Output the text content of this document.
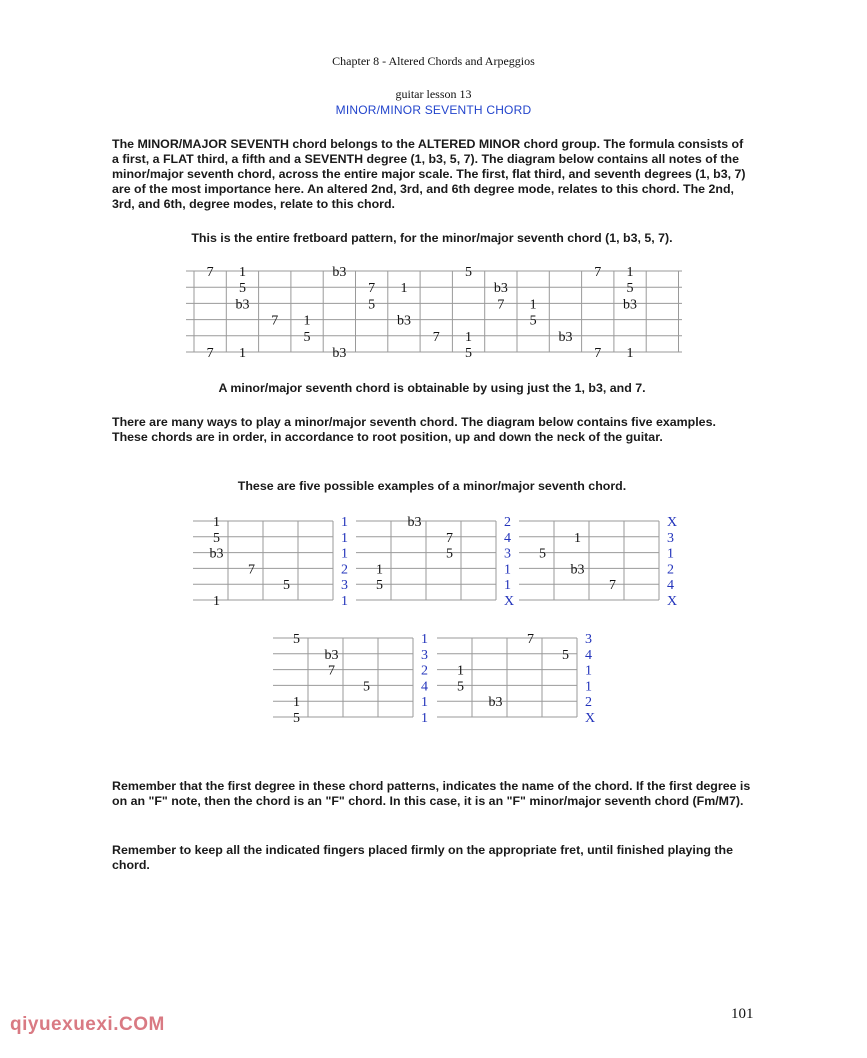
Chapter 8 - Altered Chords and Arpeggios
guitar lesson 13
MINOR/MINOR SEVENTH CHORD
The MINOR/MAJOR SEVENTH chord belongs to the ALTERED MINOR chord group. The formula consists of a first, a FLAT third, a fifth and a SEVENTH degree (1, b3, 5, 7). The diagram below contains all notes of the minor/major seventh chord, across the entire major scale. The first, flat third, and seventh degrees (1, b3, 7) are of the most importance here. An altered 2nd, 3rd, and 6th degree mode, relates to this chord. The 2nd, 3rd, and 6th, degree modes, relate to this chord.
This is the entire fretboard pattern, for the minor/major seventh chord (1, b3, 5, 7).
7 1	b3	5	7 1
5	7 1	b3	5
b3	5	7 1	b3
7 1	b3	5
5	7 1	b3
7 1	b3	5	7 1
A minor/major seventh chord is obtainable by using just the 1, b3, and 7.
There are many ways to play a minor/major seventh chord. The diagram below contains five examples. These chords are in order, in accordance to root position, up and down the neck of the guitar.
These are five possible examples of a minor/major seventh chord.
1
5
b3
7
5
1
1
1
1
2
3
1
b3
7
5
1
5
2
4
3
1
1
X
1
5
b3
7
X
3
1
2
4
X
5
b3
7
5
1
5
1
3
2
4
1
1
7
5
1
5
b3
3
4
1
1
2
X
Remember that the first degree in these chord patterns, indicates the name of the chord. If the first degree is on an "F" note, then the chord is an "F" chord. In this case, it is an "F" minor/major seventh chord (Fm/M7).
Remember to keep all the indicated fingers placed firmly on the appropriate fret, until finished playing the chord.
101
qiyuexuexi.COM
